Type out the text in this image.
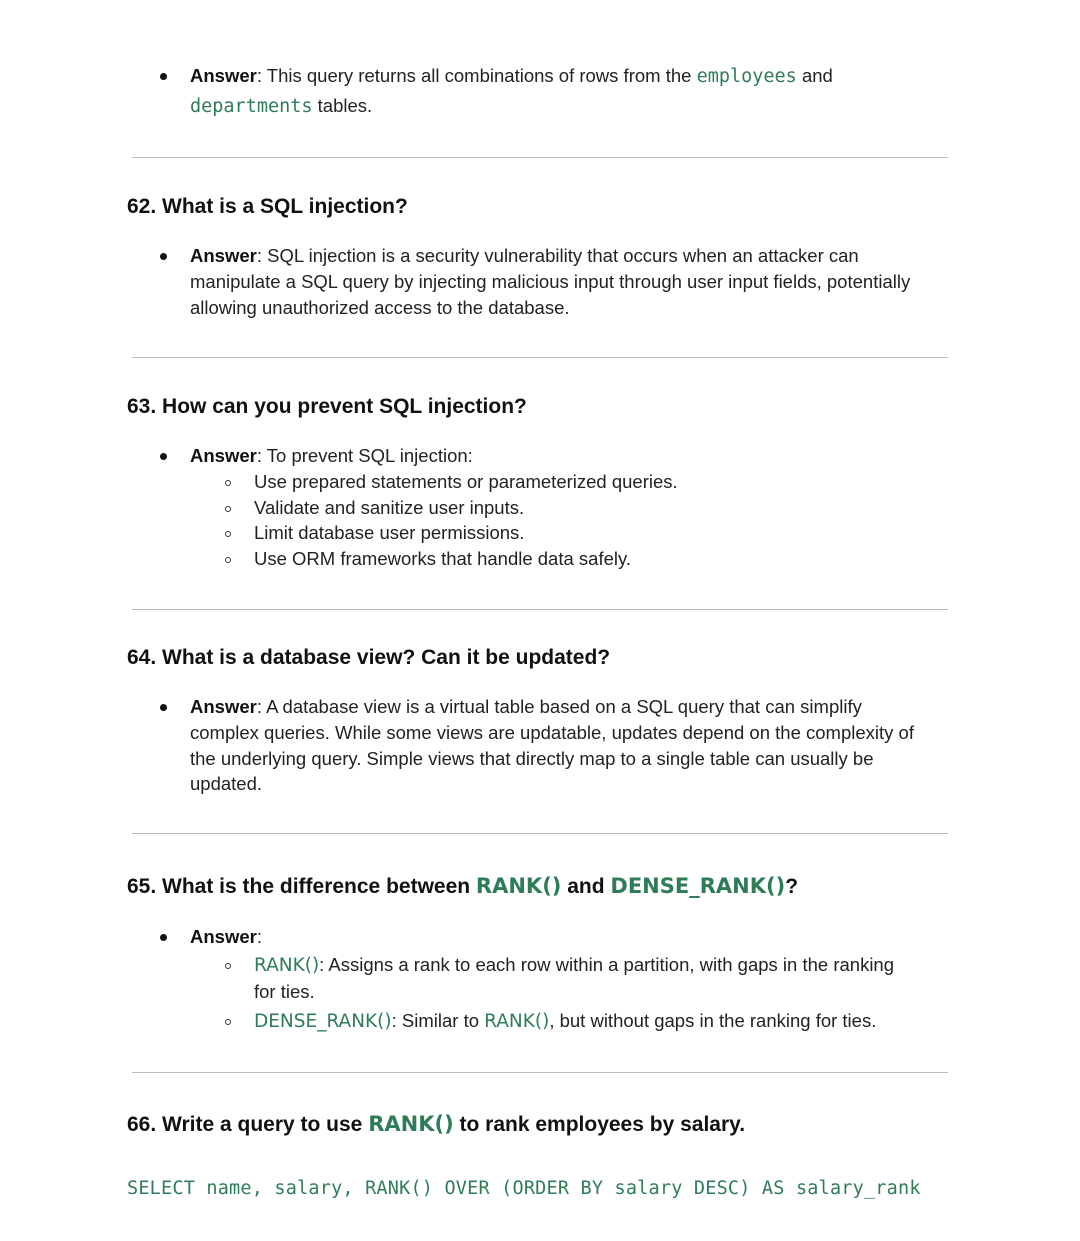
Answer: This query returns all combinations of rows from the employees and
departments tables.
62. What is a SQL injection?
Answer: SQL injection is a security vulnerability that occurs when an attacker can
manipulate a SQL query by injecting malicious input through user input fields, potentially
allowing unauthorized access to the database.
63. How can you prevent SQL injection?
Answer: To prevent SQL injection:
Use prepared statements or parameterized queries.
Validate and sanitize user inputs.
Limit database user permissions.
Use ORM frameworks that handle data safely.
64. What is a database view? Can it be updated?
Answer: A database view is a virtual table based on a SQL query that can simplify
complex queries. While some views are updatable, updates depend on the complexity of
the underlying query. Simple views that directly map to a single table can usually be
updated.
65. What is the difference between RANK() and DENSE_RANK()?
Answer:
RANK(): Assigns a rank to each row within a partition, with gaps in the ranking
for ties.
DENSE_RANK(): Similar to RANK(), but without gaps in the ranking for ties.
66. Write a query to use RANK() to rank employees by salary.
SELECT name, salary, RANK() OVER (ORDER BY salary DESC) AS salary_rank
